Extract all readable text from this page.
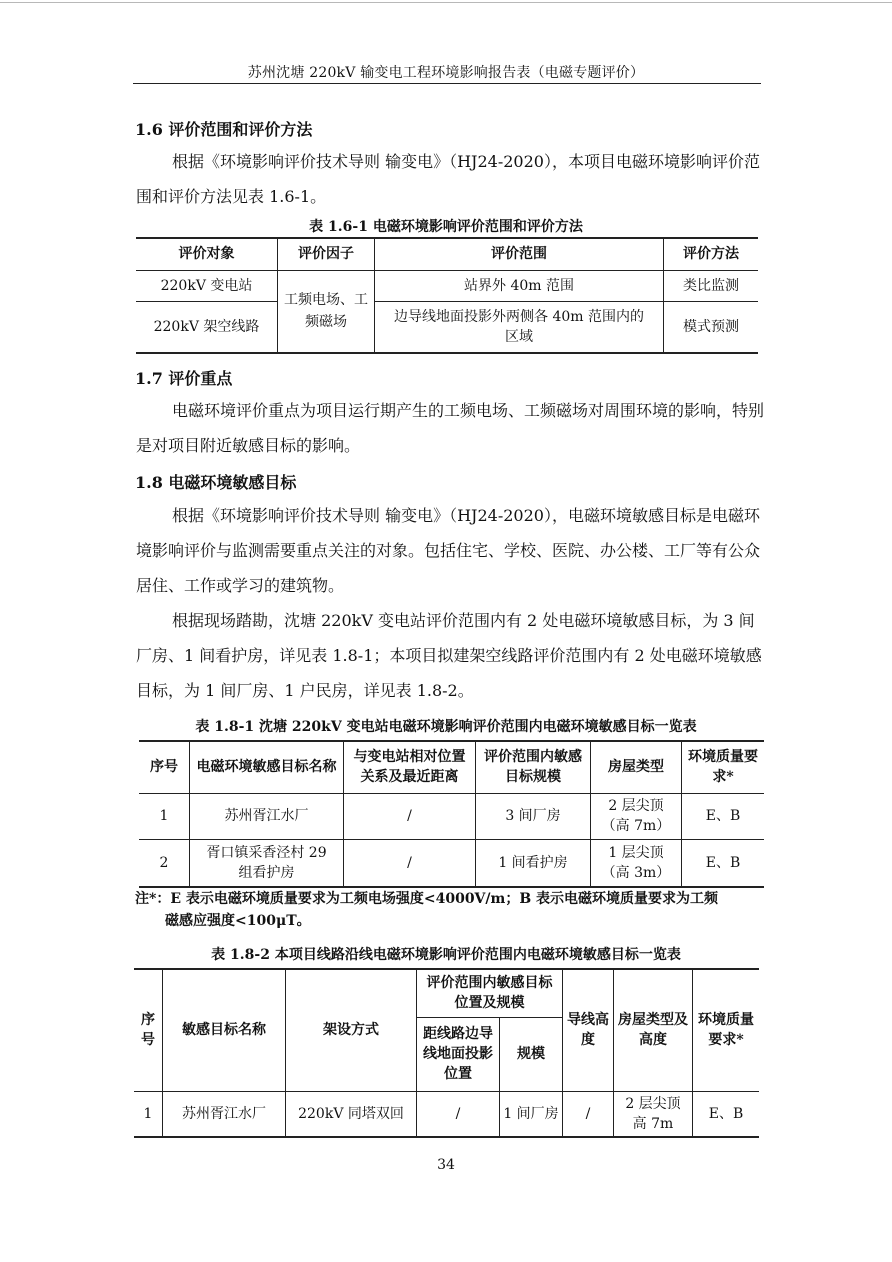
苏州沈塘 220kV 输变电工程环境影响报告表（电磁专题评价）
1.6 评价范围和评价方法

根据《环境影响评价技术导则 输变电》（HJ24-2020），本项目电磁环境影响评价范围和评价方法见表 1.6-1。

表 1.6-1 电磁环境影响评价范围和评价方法
评价对象	评价因子	评价范围	评价方法
220kV 变电站	工频电场、工频磁场	站界外 40m 范围	类比监测
220kV 架空线路		边导线地面投影外两侧各 40m 范围内的区域	模式预测
1.7 评价重点

电磁环境评价重点为项目运行期产生的工频电场、工频磁场对周围环境的影响，特别是对项目附近敏感目标的影响。

1.8 电磁环境敏感目标

根据《环境影响评价技术导则 输变电》（HJ24-2020），电磁环境敏感目标是电磁环境影响评价与监测需要重点关注的对象。包括住宅、学校、医院、办公楼、工厂等有公众居住、工作或学习的建筑物。

根据现场踏勘，沈塘 220kV 变电站评价范围内有 2 处电磁环境敏感目标，为 3 间厂房、1 间看护房，详见表 1.8-1；本项目拟建架空线路评价范围内有 2 处电磁环境敏感目标，为 1 间厂房、1 户民房，详见表 1.8-2。

表 1.8-1 沈塘 220kV 变电站电磁环境影响评价范围内电磁环境敏感目标一览表
序号	电磁环境敏感目标名称	与变电站相对位置关系及最近距离	评价范围内敏感目标规模	房屋类型	环境质量要求*
1	苏州胥江水厂	/	3 间厂房	2 层尖顶（高 7m）	E、B
2	胥口镇采香泾村 29 组看护房	/	1 间看护房	1 层尖顶（高 3m）	E、B
注*：E 表示电磁环境质量要求为工频电场强度<4000V/m；B 表示电磁环境质量要求为工频
磁感应强度<100μT。
表 1.8-2 本项目线路沿线电磁环境影响评价范围内电磁环境敏感目标一览表
序号	敏感目标名称	架设方式	评价范围内敏感目标位置及规模		导线高度	房屋类型及高度	环境质量要求*
			距线路边导线地面投影位置	规模			
1	苏州胥江水厂	220kV 同塔双回	/	1 间厂房	/	2 层尖顶高 7m	E、B
34
